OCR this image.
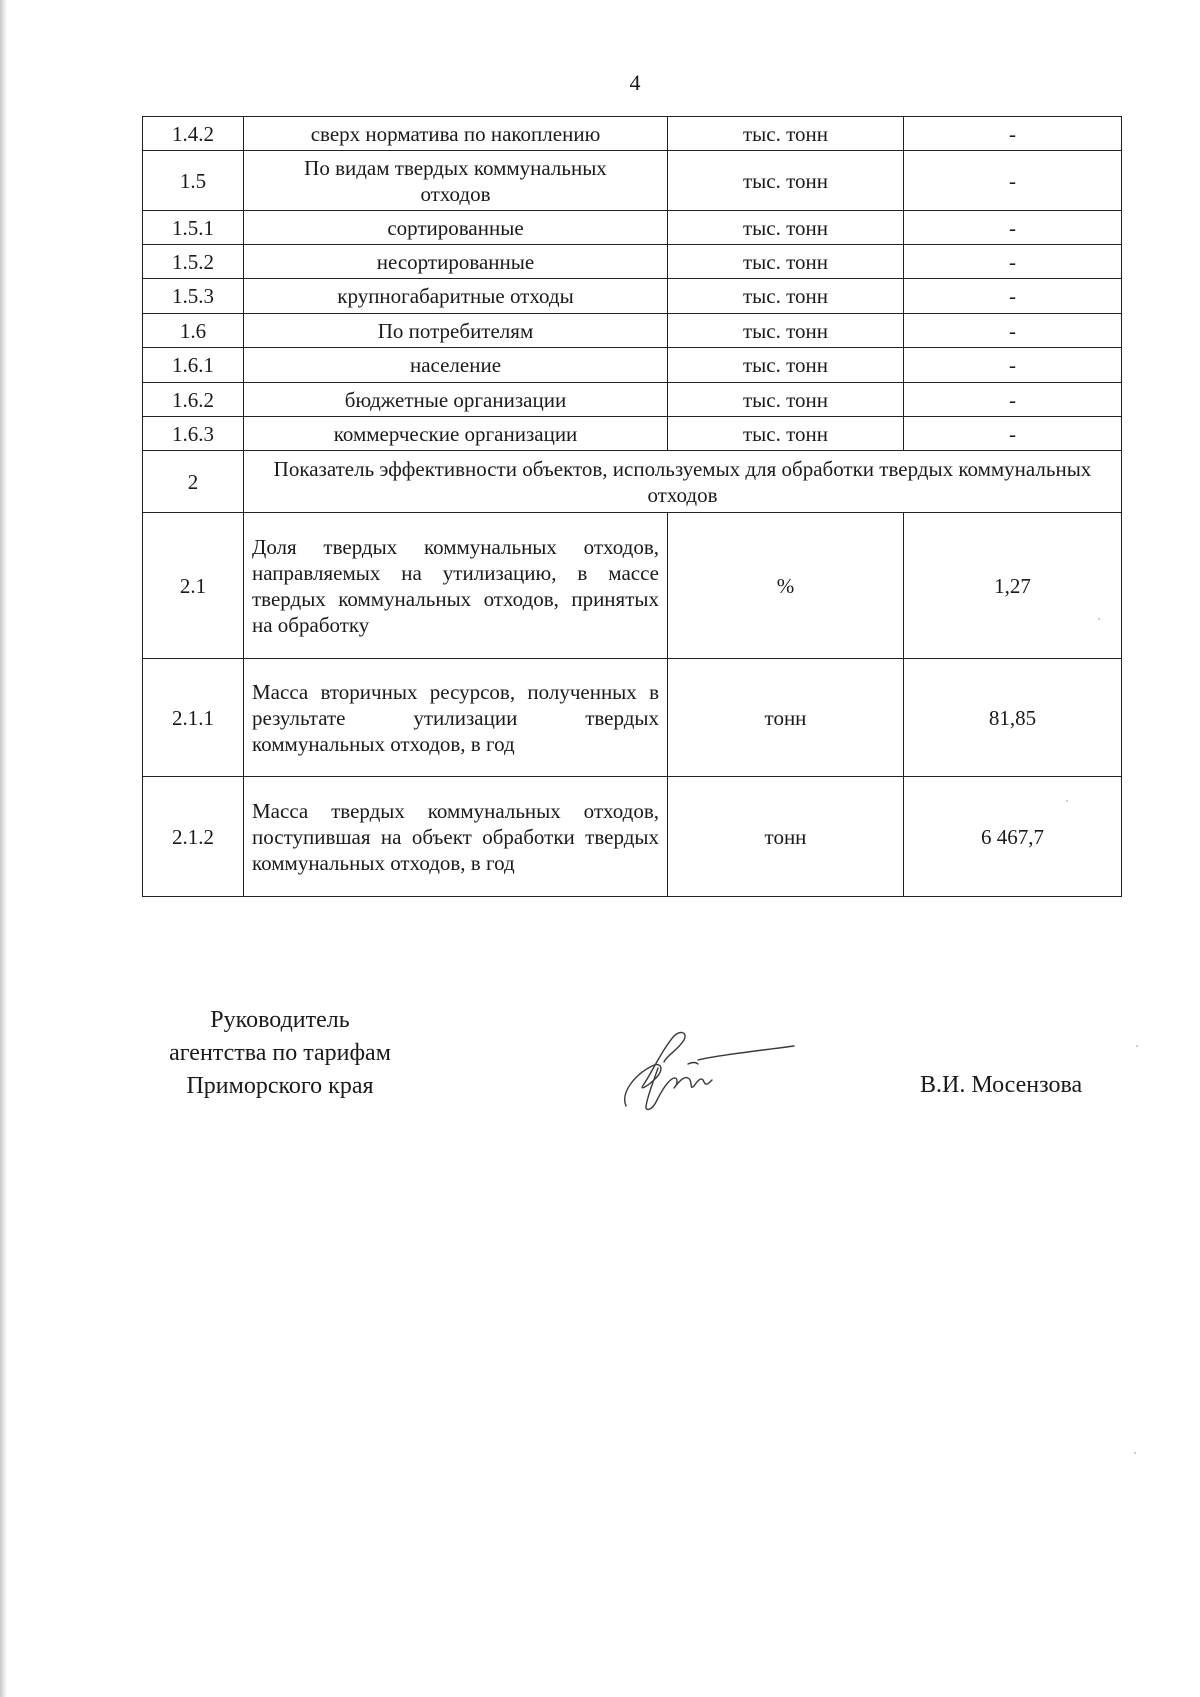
4
1.4.2	сверх норматива по накоплению	тыс. тонн	-
1.5	По видам твердых коммунальных отходов	тыс. тонн	-
1.5.1	сортированные	тыс. тонн	-
1.5.2	несортированные	тыс. тонн	-
1.5.3	крупногабаритные отходы	тыс. тонн	-
1.6	По потребителям	тыс. тонн	-
1.6.1	население	тыс. тонн	-
1.6.2	бюджетные организации	тыс. тонн	-
1.6.3	коммерческие организации	тыс. тонн	-
2	Показатель эффективности объектов, используемых для обработки твердых коммунальных отходов		
2.1	Доля твердых коммунальных отходов, направляемых на утилизацию, в массе твердых коммунальных отходов, принятых на обработку	%	1,27
2.1.1	Масса вторичных ресурсов, полученных в результате утилизации твердых коммунальных отходов, в год	тонн	81,85
2.1.2	Масса твердых коммунальных отходов, поступившая на объект обработки твердых коммунальных отходов, в год	тонн	6 467,7
Руководитель
агентства по тарифам
Приморского края	В.И. Мосензова
